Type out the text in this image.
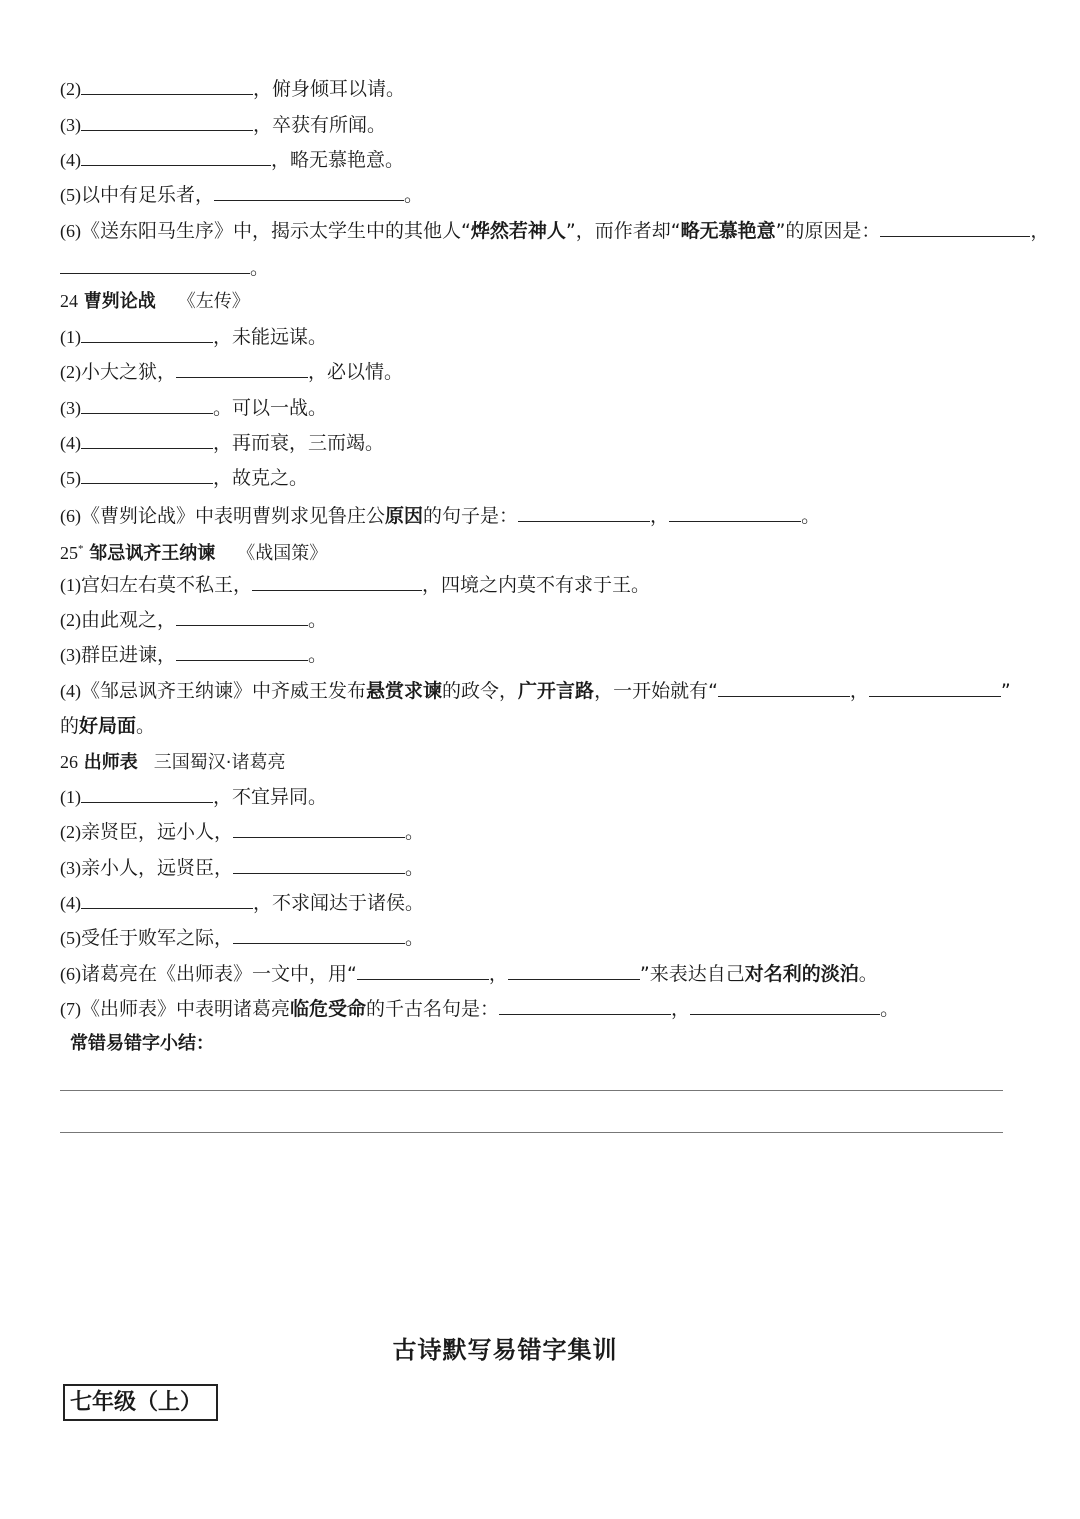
(2)	，俯身倾耳以请。
(3)	，卒获有所闻。
(4)	，略无慕艳意。
(5)以中有足乐者，	。
(6)《送东阳马生序》中，揭示太学生中的其他人“烨然若神人”，而作者却“略无慕艳意”的原因是：	，
。
24 曹刿论战 《左传》
(1)	，未能远谋。
(2)小大之狱，	，必以情。
(3)	。可以一战。
(4)	，再而衰，三而竭。
(5)	，故克之。
(6)《曹刿论战》中表明曹刿求见鲁庄公原因的句子是：	，	。
25* 邹忌讽齐王纳谏 《战国策》
(1)宫妇左右莫不私王，	，四境之内莫不有求于王。
(2)由此观之，	。
(3)群臣进谏，	。
(4)《邹忌讽齐王纳谏》中齐威王发布悬赏求谏的政令，广开言路，一开始就有“	，	”
的好局面。
26 出师表 三国蜀汉·诸葛亮
(1)	，不宜异同。
(2)亲贤臣，远小人，	。
(3)亲小人，远贤臣，	。
(4)	，不求闻达于诸侯。
(5)受任于败军之际，	。
(6)诸葛亮在《出师表》一文中，用“	，	”来表达自己对名利的淡泊。
(7)《出师表》中表明诸葛亮临危受命的千古名句是：	，	。
常错易错字小结：
古诗默写易错字集训
七年级（上）
